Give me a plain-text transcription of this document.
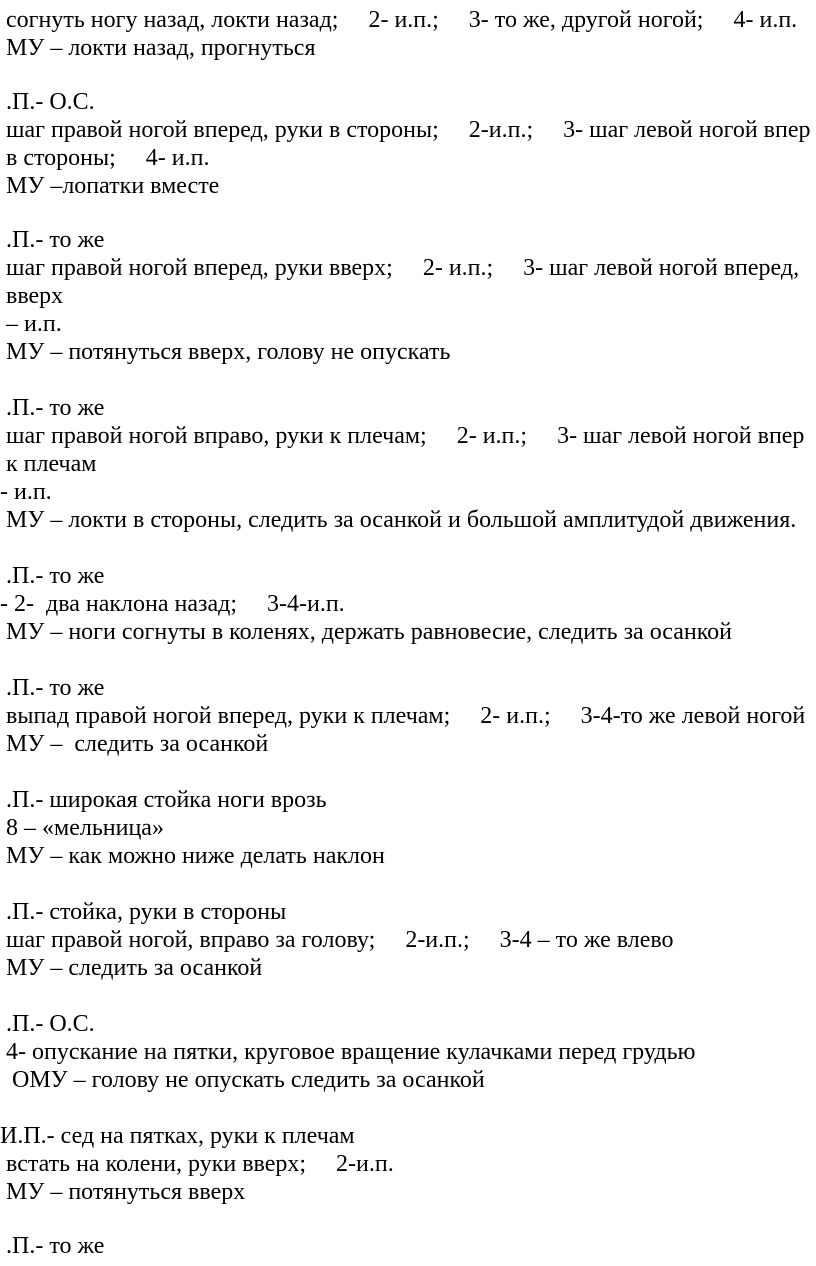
согнуть ногу назад, локти назад;     2- и.п.;     3- то же, другой ногой;     4- и.п.
МУ – локти назад, прогнуться
.П.- О.С.
шаг правой ногой вперед, руки в стороны;     2-и.п.;     3- шаг левой ногой впер
в стороны;     4- и.п.
МУ –лопатки вместе
.П.- то же
шаг правой ногой вперед, руки вверх;     2- и.п.;     3- шаг левой ногой вперед,
вверх
– и.п.
МУ – потянуться вверх, голову не опускать
.П.- то же
шаг правой ногой вправо, руки к плечам;     2- и.п.;     3- шаг левой ногой впер
к плечам
- и.п.
МУ – локти в стороны, следить за осанкой и большой амплитудой движения.
.П.- то же
- 2-  два наклона назад;     3-4-и.п.
МУ – ноги согнуты в коленях, держать равновесие, следить за осанкой
.П.- то же
выпад правой ногой вперед, руки к плечам;     2- и.п.;     3-4-то же левой ногой
МУ –  следить за осанкой
.П.- широкая стойка ноги врозь
8 – «мельница»
МУ – как можно ниже делать наклон
.П.- стойка, руки в стороны
шаг правой ногой, вправо за голову;     2-и.п.;     3-4 – то же влево
МУ – следить за осанкой
.П.- О.С.
4- опускание на пятки, круговое вращение кулачками перед грудью
ОМУ – голову не опускать следить за осанкой
И.П.- сед на пятках, руки к плечам
встать на колени, руки вверх;     2-и.п.
МУ – потянуться вверх
.П.- то же
